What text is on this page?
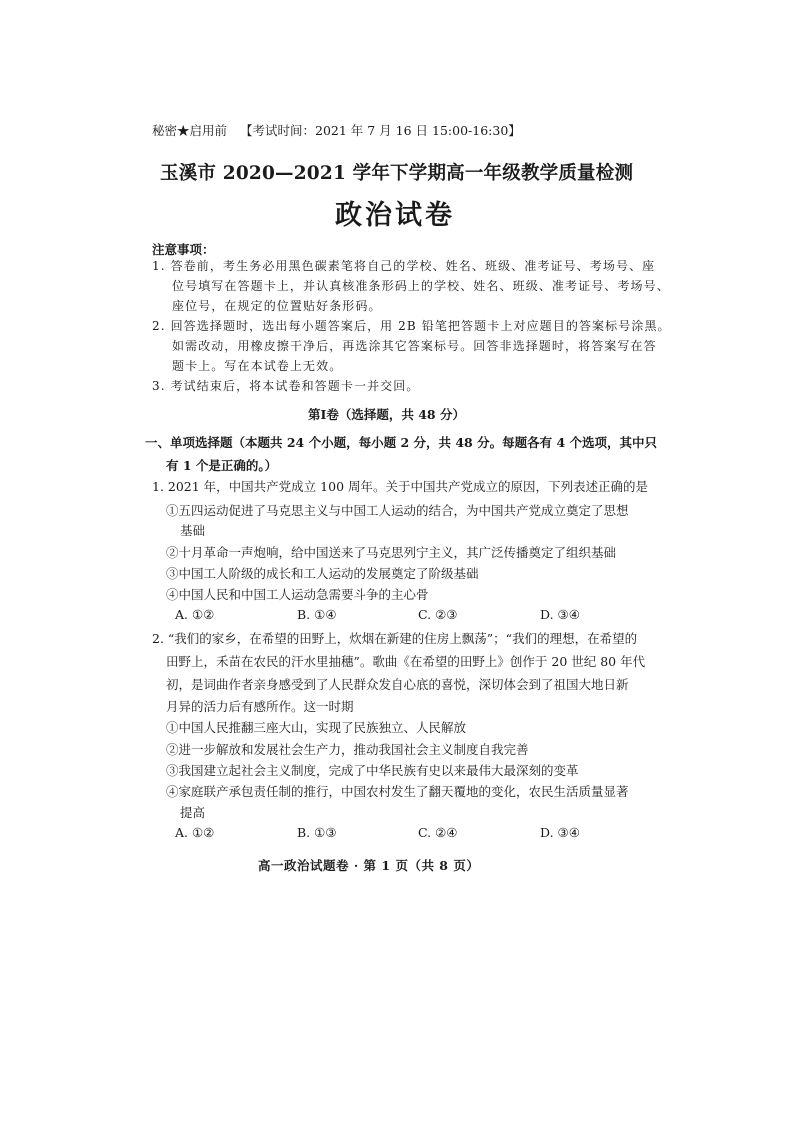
秘密★启用前 【考试时间：2021 年 7 月 16 日 15:00-16:30】
玉溪市 2020—2021 学年下学期高一年级教学质量检测
政治试卷
注意事项：
1. 答卷前，考生务必用黑色碳素笔将自己的学校、姓名、班级、准考证号、考场号、座
位号填写在答题卡上，并认真核准条形码上的学校、姓名、班级、准考证号、考场号、
座位号，在规定的位置贴好条形码。
2. 回答选择题时，选出每小题答案后，用 2B 铅笔把答题卡上对应题目的答案标号涂黑。
如需改动，用橡皮擦干净后，再选涂其它答案标号。回答非选择题时，将答案写在答
题卡上。写在本试卷上无效。
3. 考试结束后，将本试卷和答题卡一并交回。
第Ⅰ卷（选择题，共 48 分）
一、单项选择题（本题共 24 个小题，每小题 2 分，共 48 分。每题各有 4 个选项，其中只
有 1 个是正确的。）
1. 2021 年，中国共产党成立 100 周年。关于中国共产党成立的原因，下列表述正确的是
①五四运动促进了马克思主义与中国工人运动的结合，为中国共产党成立奠定了思想
基础
②十月革命一声炮响，给中国送来了马克思列宁主义，其广泛传播奠定了组织基础
③中国工人阶级的成长和工人运动的发展奠定了阶级基础
④中国人民和中国工人运动急需要斗争的主心骨
A. ①②	B. ①④	C. ②③	D. ③④
2. “我们的家乡，在希望的田野上，炊烟在新建的住房上飘荡”；“我们的理想，在希望的
田野上，禾苗在农民的汗水里抽穗”。歌曲《在希望的田野上》创作于 20 世纪 80 年代
初，是词曲作者亲身感受到了人民群众发自心底的喜悦，深切体会到了祖国大地日新
月异的活力后有感所作。这一时期
①中国人民推翻三座大山，实现了民族独立、人民解放
②进一步解放和发展社会生产力，推动我国社会主义制度自我完善
③我国建立起社会主义制度，完成了中华民族有史以来最伟大最深刻的变革
④家庭联产承包责任制的推行，中国农村发生了翻天覆地的变化，农民生活质量显著
提高
A. ①②	B. ①③	C. ②④	D. ③④
高一政治试题卷 · 第 1 页（共 8 页）
